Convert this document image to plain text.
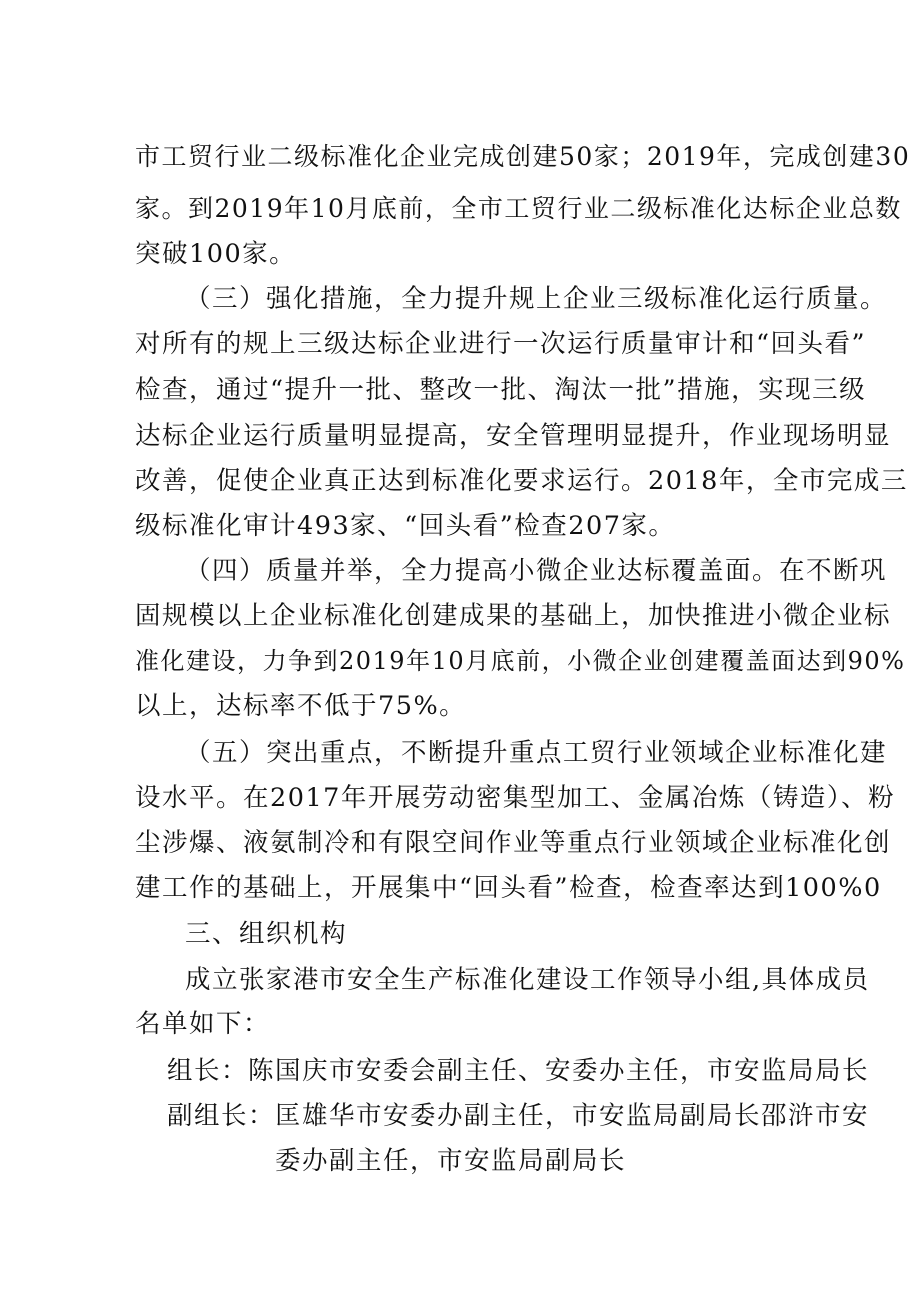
市工贸行业二级标准化企业完成创建50家；2019年，完成创建30
家。到2019年10月底前，全市工贸行业二级标准化达标企业总数
突破100家。
（三）强化措施，全力提升规上企业三级标准化运行质量。
对所有的规上三级达标企业进行一次运行质量审计和“回头看”
检查，通过“提升一批、整改一批、淘汰一批”措施，实现三级
达标企业运行质量明显提高，安全管理明显提升，作业现场明显
改善，促使企业真正达到标准化要求运行。2018年，全市完成三
级标准化审计493家、“回头看”检查207家。
（四）质量并举，全力提高小微企业达标覆盖面。在不断巩
固规模以上企业标准化创建成果的基础上，加快推进小微企业标
准化建设，力争到2019年10月底前，小微企业创建覆盖面达到90%
以上，达标率不低于75%。
（五）突出重点，不断提升重点工贸行业领域企业标准化建
设水平。在2017年开展劳动密集型加工、金属冶炼（铸造）、粉
尘涉爆、液氨制冷和有限空间作业等重点行业领域企业标准化创
建工作的基础上，开展集中“回头看”检查，检查率达到100%0
三、组织机构
成立张家港市安全生产标准化建设工作领导小组,具体成员
名单如下：
组长：陈国庆市安委会副主任、安委办主任，市安监局局长
副组长：匡雄华市安委办副主任，市安监局副局长邵浒市安
委办副主任，市安监局副局长
